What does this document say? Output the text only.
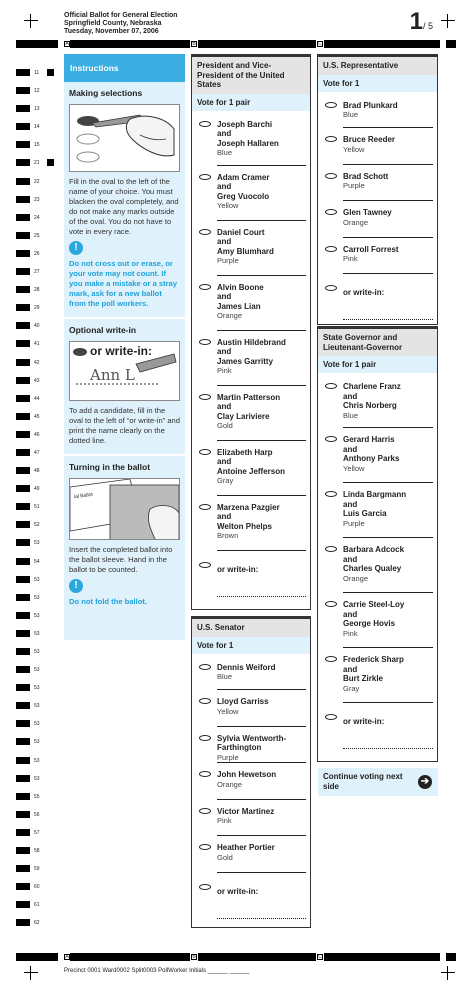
Official Ballot for General Election
Springfield County, Nebraska
Tuesday, November 07, 2006	1/ 5
A	B	C
A	B	C
11
12
13
14
15
21
22
23
24
25
26
27
28
29
40
41
42
43
44
45
46
47
48
49
51
52
53
54
53
53
53
53
53
53
53
53
53
53
53
53
55
56
57
58
59
60
61
62
Instructions
Making selections
Fill in the oval to the left of the name of your choice. You must blacken the oval completely, and do not make any marks outside of the oval. You do not have to vote in every race.
!
Do not cross out or erase, or your vote may not count. If you make a mistake or a stray mark, ask for a new ballot from the poll workers.
Optional write-in
or write-in:
Ann L
To add a candidate, fill in the oval to the left of “or write-in” and print the name clearly on the dotted line.
Turning in the ballot
ial Ballot
Insert the completed ballot into the ballot sleeve. Hand in the ballot to be counted.
!
Do not fold the ballot.
President and Vice-President of the United States
Vote for 1 pair
Joseph Barchi
and
Joseph Hallaren
Blue
Adam Cramer
and
Greg Vuocolo
Yellow
Daniel Court
and
Amy Blumhard
Purple
Alvin Boone
and
James Lian
Orange
Austin Hildebrand
and
James Garritty
Pink
Martin Patterson
and
Clay Lariviere
Gold
Elizabeth Harp
and
Antoine Jefferson
Gray
Marzena Pazgier
and
Welton Phelps
Brown
or write-in:
U.S. Senator
Vote for 1
Dennis Weiford
Blue
Lloyd Garriss
Yellow
Sylvia Wentworth-
Farthington
Purple
John Hewetson
Orange
Victor Martinez
Pink
Heather Portier
Gold
or write-in:
U.S. Representative
Vote for 1
Brad Plunkard
Blue
Bruce Reeder
Yellow
Brad Schott
Purple
Glen Tawney
Orange
Carroll Forrest
Pink
or write-in:
State Governor and Lieutenant-Governor
Vote for 1 pair
Charlene Franz
and
Chris Norberg
Blue
Gerard Harris
and
Anthony Parks
Yellow
Linda Bargmann
and
Luis Garcia
Purple
Barbara Adcock
and
Charles Qualey
Orange
Carrie Steel-Loy
and
George Hovis
Pink
Frederick Sharp
and
Burt Zirkle
Gray
or write-in:
Continue voting next side	➔
Precinct 0001 Ward0002 Split0003 PollWorker Initials ______ ______
